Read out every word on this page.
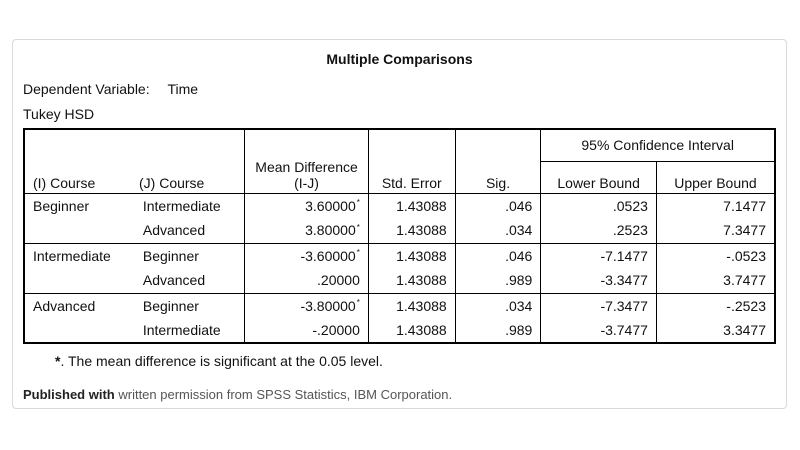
Multiple Comparisons
Dependent Variable: Time
Tukey HSD
(I) Course (J) Course		Mean Difference (I-J)	Std. Error	Sig.	95% Confidence Interval	
					Lower Bound	Upper Bound
Beginner	Intermediate	3.60000*	1.43088	.046	.0523	7.1477
	Advanced	3.80000*	1.43088	.034	.2523	7.3477
Intermediate	Beginner	-3.60000*	1.43088	.046	-7.1477	-.0523
	Advanced	.20000	1.43088	.989	-3.3477	3.7477
Advanced	Beginner	-3.80000*	1.43088	.034	-7.3477	-.2523
	Intermediate	-.20000	1.43088	.989	-3.7477	3.3477
*. The mean difference is significant at the 0.05 level.
Published with written permission from SPSS Statistics, IBM Corporation.
